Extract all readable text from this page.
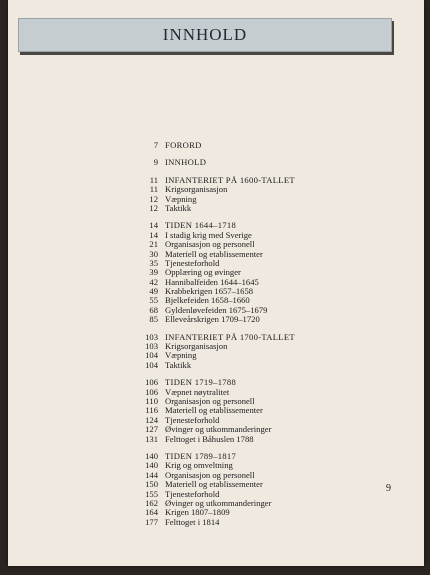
INNHOLD
7 FORORD
9 INNHOLD
11 INFANTERIET PÅ 1600-TALLET
11 Krigsorganisasjon
12 Væpning
12 Taktikk
14 TIDEN 1644–1718
14 I stadig krig med Sverige
21 Organisasjon og personell
30 Materiell og etablissementer
35 Tjenesteforhold
39 Opplæring og øvinger
42 Hannibalfeiden 1644–1645
49 Krabbekrigen 1657–1658
55 Bjelkefeiden 1658–1660
68 Gyldenløvefeiden 1675–1679
85 Elleveårskrigen 1709–1720
103 INFANTERIET PÅ 1700-TALLET
103 Krigsorganisasjon
104 Væpning
104 Taktikk
106 TIDEN 1719–1788
106 Væpnet nøytralitet
110 Organisasjon og personell
116 Materiell og etablissementer
124 Tjenesteforhold
127 Øvinger og utkommanderinger
131 Felttoget i Båhuslen 1788
140 TIDEN 1789–1817
140 Krig og omveltning
144 Organisasjon og personell
150 Materiell og etablissementer
155 Tjenesteforhold
162 Øvinger og utkommanderinger
164 Krigen 1807–1809
177 Felttoget i 1814
9
